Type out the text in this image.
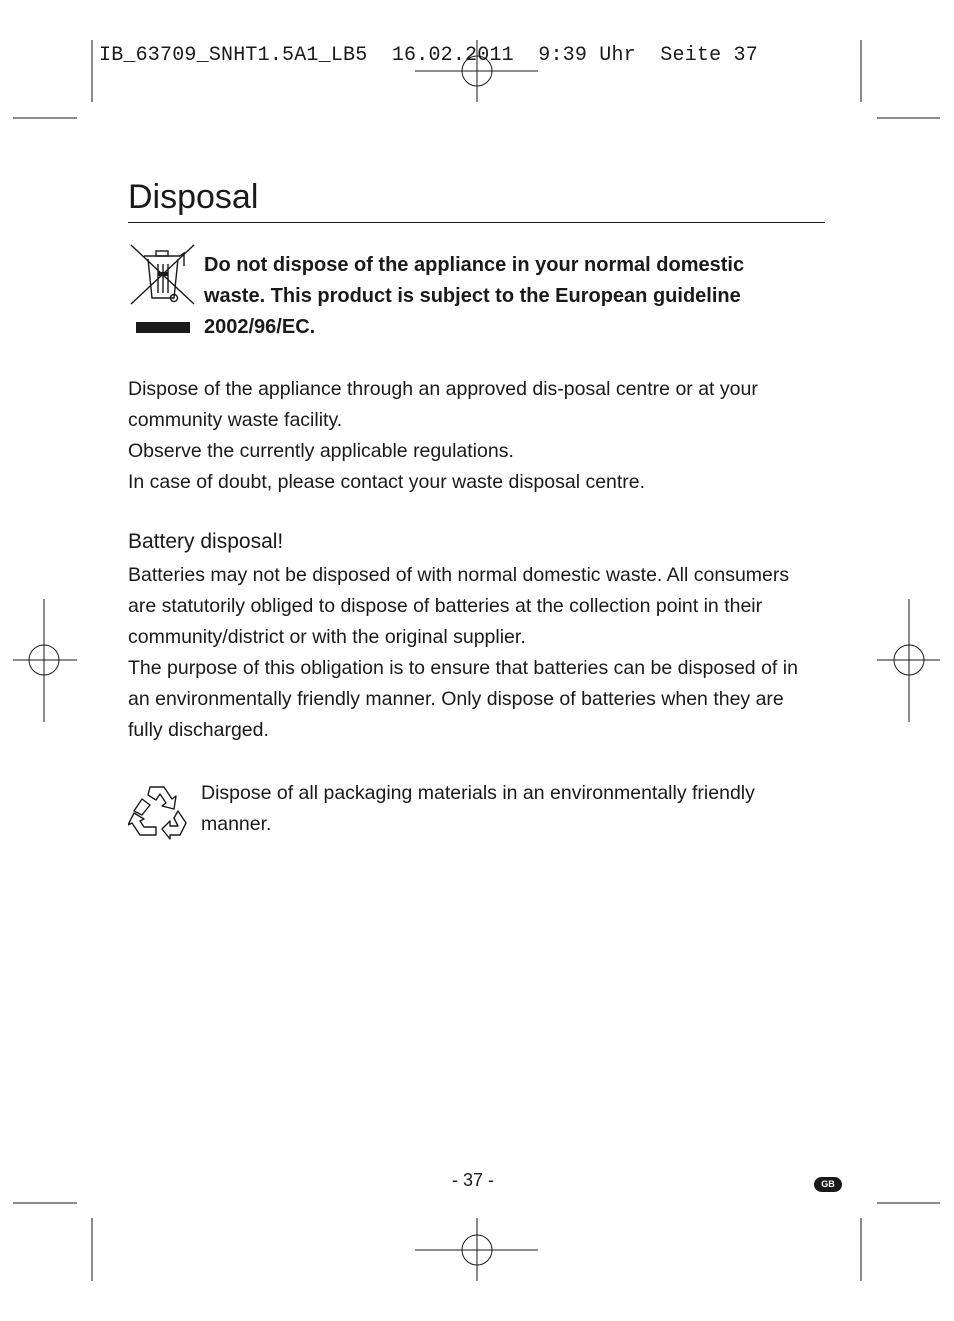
IB_63709_SNHT1.5A1_LB5  16.02.2011  9:39 Uhr  Seite 37
Disposal
Do not dispose of the appliance in your normal domestic
waste. This product is subject to the European guideline
2002/96/EC.

Dispose of the appliance through an approved dis-posal centre or at your

community waste facility.

Observe the currently applicable regulations.

In case of doubt, please contact your waste disposal centre.

Battery disposal!

Batteries may not be disposed of with normal domestic waste. All consumers

are statutorily obliged to dispose of batteries at the collection point in their

community/district or with the original supplier.

The purpose of this obligation is to ensure that batteries can be disposed of in

an environmentally friendly manner. Only dispose of batteries when they are

fully discharged.

Dispose of all packaging materials in an environmentally friendly
manner.
- 37 -	GB
